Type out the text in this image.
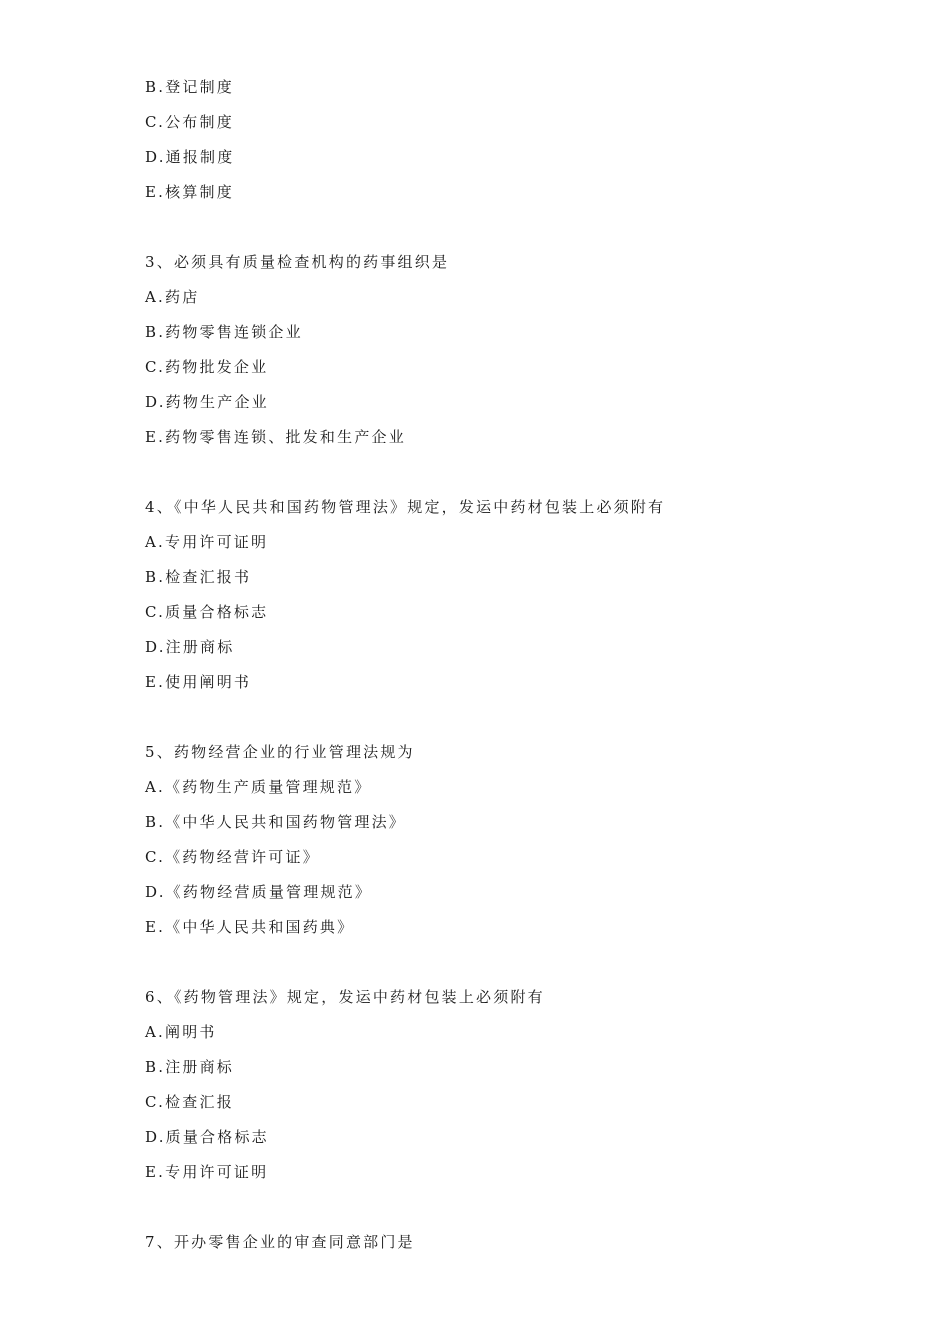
B.登记制度
C.公布制度
D.通报制度
E.核算制度
3、必须具有质量检查机构的药事组织是
A.药店
B.药物零售连锁企业
C.药物批发企业
D.药物生产企业
E.药物零售连锁、批发和生产企业
4、《中华人民共和国药物管理法》规定，发运中药材包装上必须附有
A.专用许可证明
B.检查汇报书
C.质量合格标志
D.注册商标
E.使用阐明书
5、药物经营企业的行业管理法规为
A.《药物生产质量管理规范》
B.《中华人民共和国药物管理法》
C.《药物经营许可证》
D.《药物经营质量管理规范》
E.《中华人民共和国药典》
6、《药物管理法》规定，发运中药材包装上必须附有
A.阐明书
B.注册商标
C.检查汇报
D.质量合格标志
E.专用许可证明
7、开办零售企业的审查同意部门是
